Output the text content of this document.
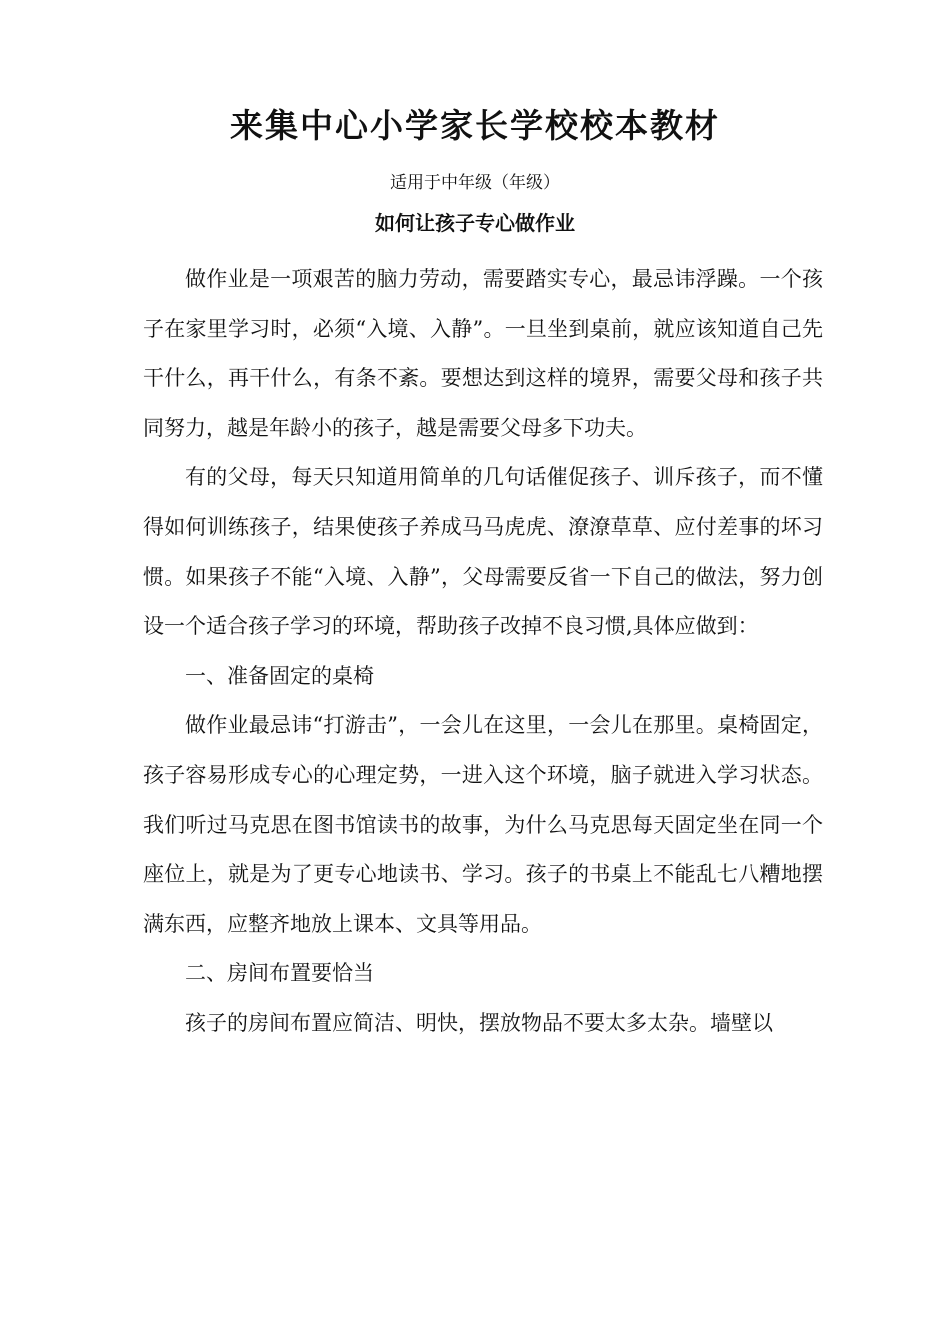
来集中心小学家长学校校本教材
适用于中年级（年级）
如何让孩子专心做作业

做作业是一项艰苦的脑力劳动，需要踏实专心，最忌讳浮躁。一个孩子在家里学习时，必须“入境、入静”。一旦坐到桌前，就应该知道自己先干什么，再干什么，有条不紊。要想达到这样的境界，需要父母和孩子共同努力，越是年龄小的孩子，越是需要父母多下功夫。

有的父母，每天只知道用简单的几句话催促孩子、训斥孩子，而不懂得如何训练孩子，结果使孩子养成马马虎虎、潦潦草草、应付差事的坏习惯。如果孩子不能“入境、入静”，父母需要反省一下自己的做法，努力创设一个适合孩子学习的环境，帮助孩子改掉不良习惯,具体应做到：

一、准备固定的桌椅

做作业最忌讳“打游击”，一会儿在这里，一会儿在那里。桌椅固定，孩子容易形成专心的心理定势，一进入这个环境，脑子就进入学习状态。我们听过马克思在图书馆读书的故事，为什么马克思每天固定坐在同一个座位上，就是为了更专心地读书、学习。孩子的书桌上不能乱七八糟地摆满东西，应整齐地放上课本、文具等用品。

二、房间布置要恰当

孩子的房间布置应简洁、明快，摆放物品不要太多太杂。墙壁以
